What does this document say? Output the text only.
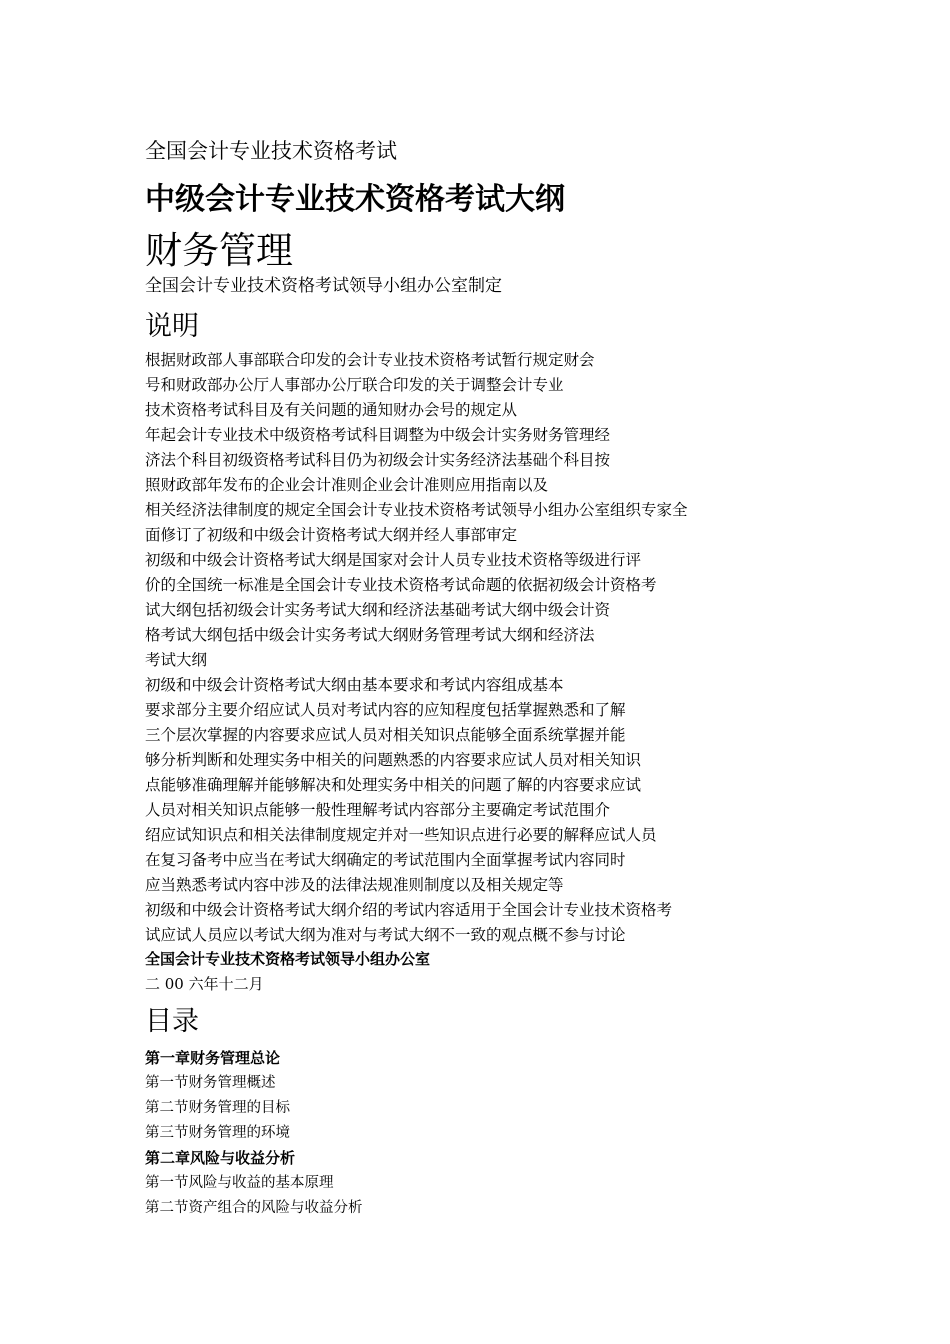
全国会计专业技术资格考试
中级会计专业技术资格考试大纲
财务管理
全国会计专业技术资格考试领导小组办公室制定
说明
根据财政部人事部联合印发的会计专业技术资格考试暂行规定财会
号和财政部办公厅人事部办公厅联合印发的关于调整会计专业
技术资格考试科目及有关问题的通知财办会号的规定从
年起会计专业技术中级资格考试科目调整为中级会计实务财务管理经
济法个科目初级资格考试科目仍为初级会计实务经济法基础个科目按
照财政部年发布的企业会计准则企业会计准则应用指南以及
相关经济法律制度的规定全国会计专业技术资格考试领导小组办公室组织专家全
面修订了初级和中级会计资格考试大纲并经人事部审定
初级和中级会计资格考试大纲是国家对会计人员专业技术资格等级进行评
价的全国统一标准是全国会计专业技术资格考试命题的依据初级会计资格考
试大纲包括初级会计实务考试大纲和经济法基础考试大纲中级会计资
格考试大纲包括中级会计实务考试大纲财务管理考试大纲和经济法
考试大纲
初级和中级会计资格考试大纲由基本要求和考试内容组成基本
要求部分主要介绍应试人员对考试内容的应知程度包括掌握熟悉和了解
三个层次掌握的内容要求应试人员对相关知识点能够全面系统掌握并能
够分析判断和处理实务中相关的问题熟悉的内容要求应试人员对相关知识
点能够准确理解并能够解决和处理实务中相关的问题了解的内容要求应试
人员对相关知识点能够一般性理解考试内容部分主要确定考试范围介
绍应试知识点和相关法律制度规定并对一些知识点进行必要的解释应试人员
在复习备考中应当在考试大纲确定的考试范围内全面掌握考试内容同时
应当熟悉考试内容中涉及的法律法规准则制度以及相关规定等
初级和中级会计资格考试大纲介绍的考试内容适用于全国会计专业技术资格考
试应试人员应以考试大纲为准对与考试大纲不一致的观点概不参与讨论
全国会计专业技术资格考试领导小组办公室
二 00 六年十二月
目录
第一章财务管理总论
第一节财务管理概述
第二节财务管理的目标
第三节财务管理的环境
第二章风险与收益分析
第一节风险与收益的基本原理
第二节资产组合的风险与收益分析
